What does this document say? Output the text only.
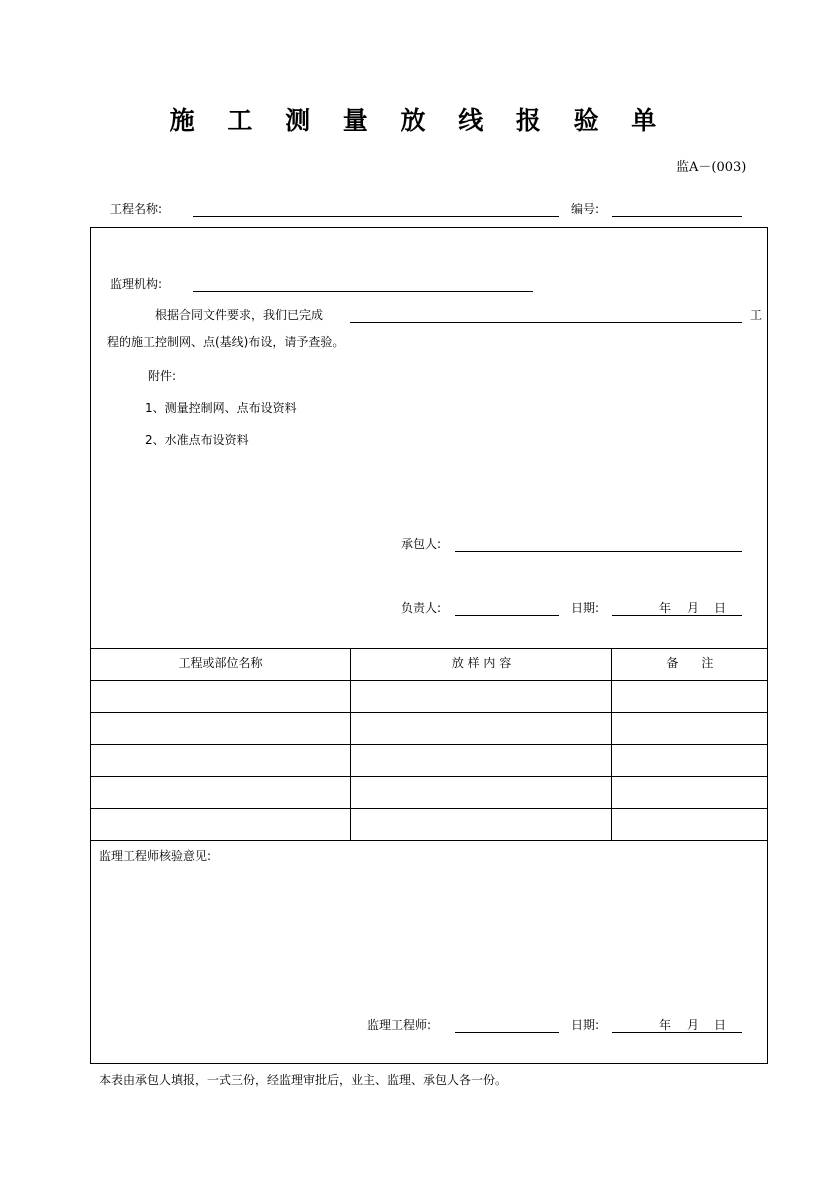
施 工 测 量 放 线 报 验 单
监A－(003)
工程名称:	编号:
监理机构:
根据合同文件要求，我们已完成	工
程的施工控制网、点(基线)布设，请予查验。
附件:
1、测量控制网、点布设资料
2、水准点布设资料
承包人:
负责人:	日期:	年 月 日
工程或部位名称	放 样 内 容	备      注
监理工程师核验意见:
监理工程师:	日期:	年 月 日
本表由承包人填报，一式三份，经监理审批后，业主、监理、承包人各一份。
